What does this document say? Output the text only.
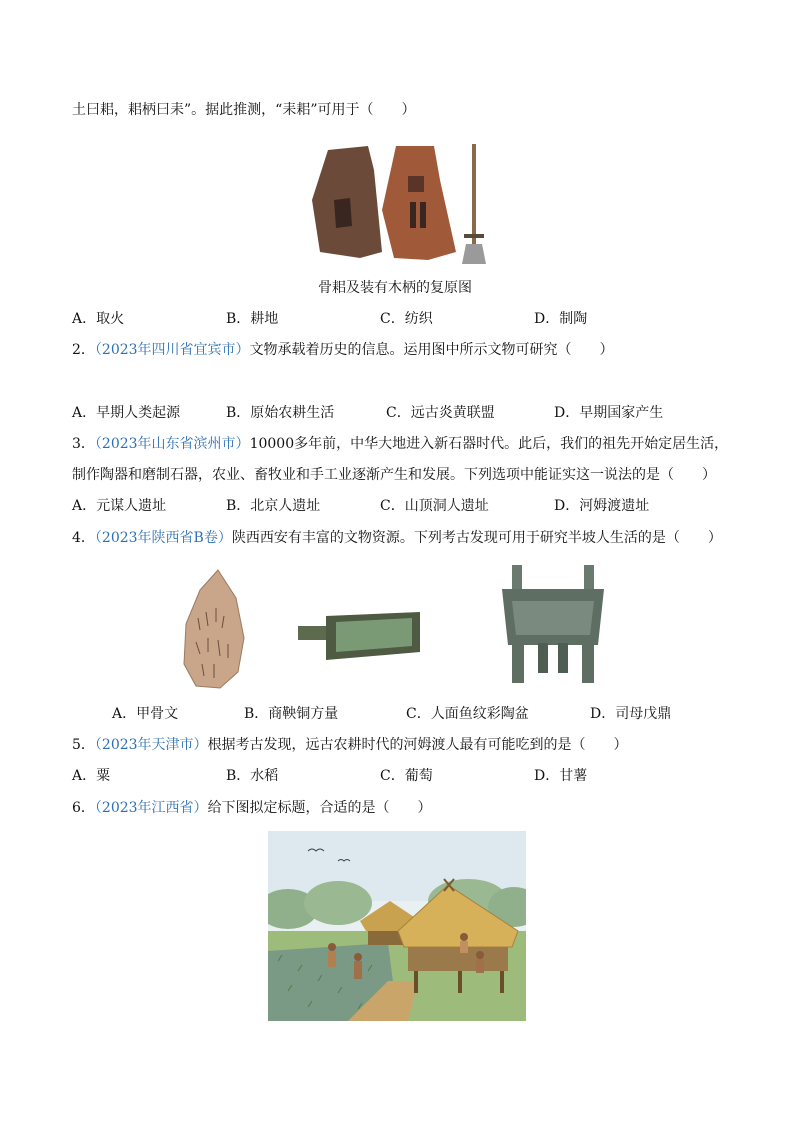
土曰耜，耜柄曰耒”。据此推测，“耒耜”可用于（　　）
骨耜及装有木柄的复原图
A．取火	B．耕地	C．纺织	D．制陶
2．（2023年四川省宜宾市）文物承载着历史的信息。运用图中所示文物可研究（　　）
A．早期人类起源	B．原始农耕生活	C．远古炎黄联盟	D．早期国家产生
3．（2023年山东省滨州市）10000多年前，中华大地进入新石器时代。此后，我们的祖先开始定居生活，
制作陶器和磨制石器，农业、畜牧业和手工业逐渐产生和发展。下列选项中能证实这一说法的是（　　）
A．元谋人遗址	B．北京人遗址	C．山顶洞人遗址	D．河姆渡遗址
4．（2023年陕西省B卷）陕西西安有丰富的文物资源。下列考古发现可用于研究半坡人生活的是（　　）
A．甲骨文	B．商鞅铜方量	C．人面鱼纹彩陶盆	D．司母戊鼎
5．（2023年天津市）根据考古发现，远古农耕时代的河姆渡人最有可能吃到的是（　　）
A．粟	B．水稻	C．葡萄	D．甘薯
6．（2023年江西省）给下图拟定标题，合适的是（　　）
